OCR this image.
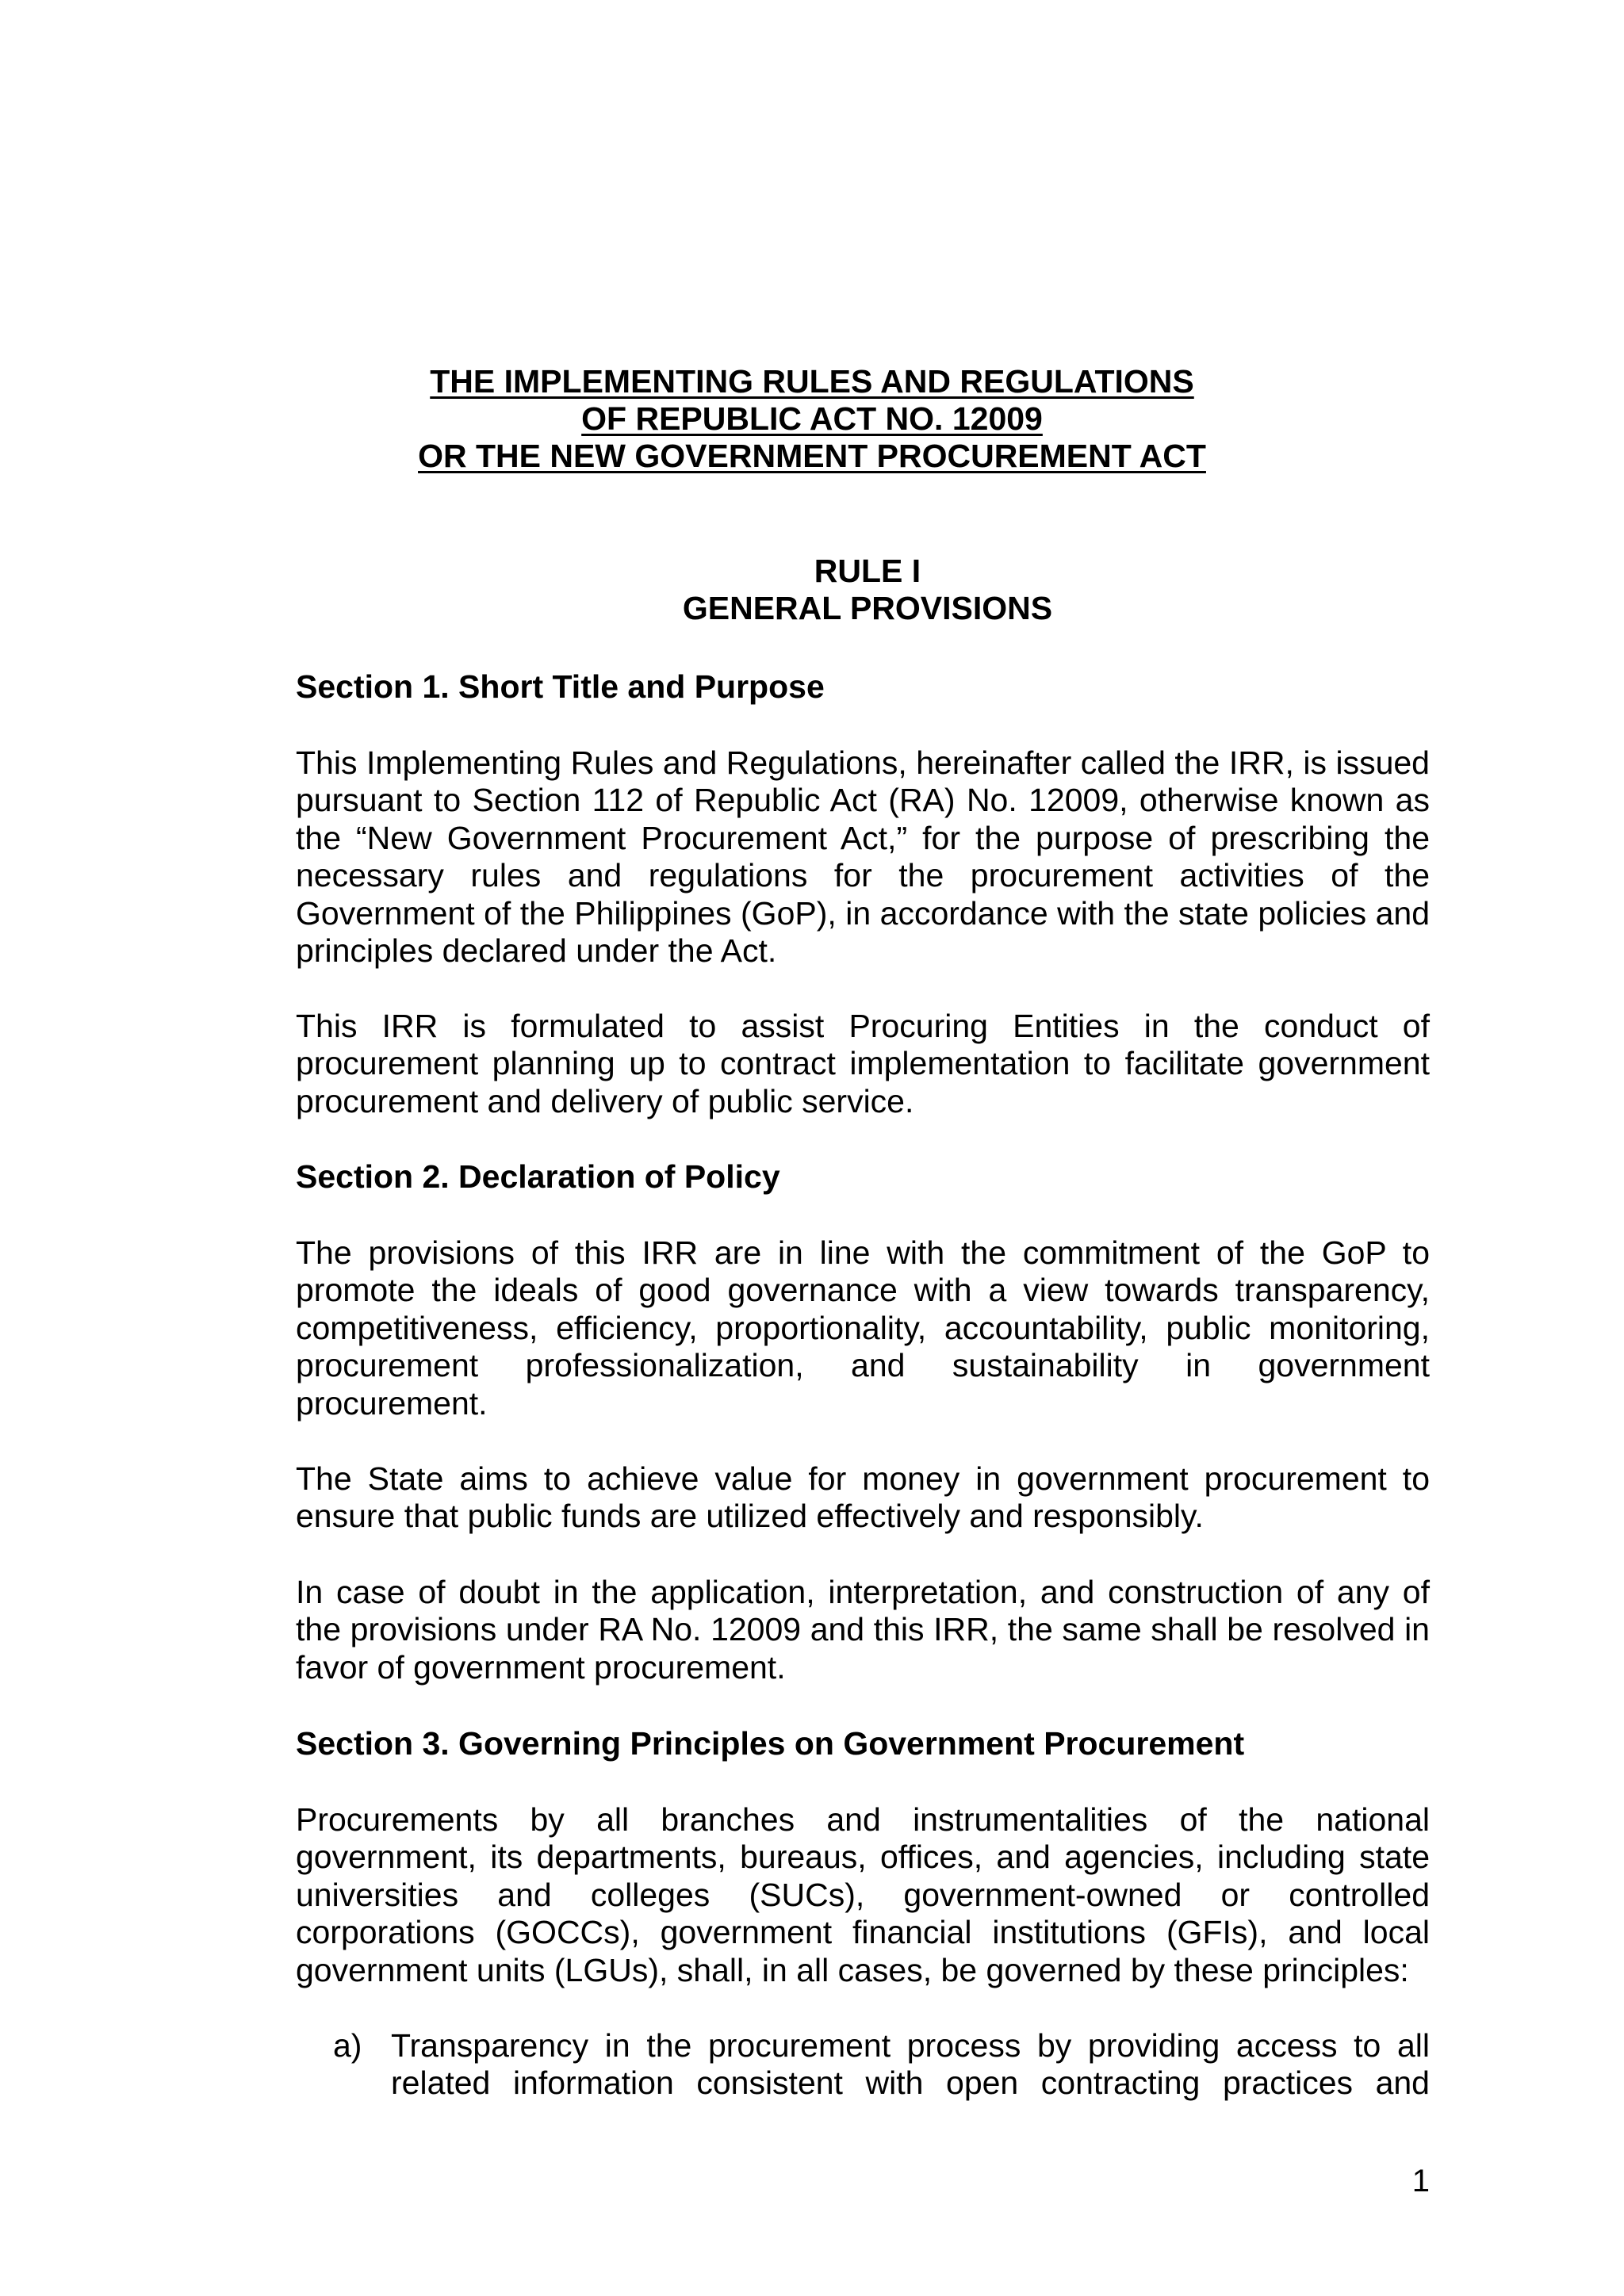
THE IMPLEMENTING RULES AND REGULATIONS
OF REPUBLIC ACT NO. 12009
OR THE NEW GOVERNMENT PROCUREMENT ACT
RULE I
GENERAL PROVISIONS
Section 1. Short Title and Purpose

This Implementing Rules and Regulations, hereinafter called the IRR, is issued pursuant to Section 112 of Republic Act (RA) No. 12009, otherwise known as the “New Government Procurement Act,” for the purpose of prescribing the necessary rules and regulations for the procurement activities of the Government of the Philippines (GoP), in accordance with the state policies and principles declared under the Act.

This IRR is formulated to assist Procuring Entities in the conduct of procurement planning up to contract implementation to facilitate government procurement and delivery of public service.

Section 2. Declaration of Policy

The provisions of this IRR are in line with the commitment of the GoP to promote the ideals of good governance with a view towards transparency, competitiveness, efficiency, proportionality, accountability, public monitoring, procurement professionalization, and sustainability in government procurement.

The State aims to achieve value for money in government procurement to ensure that public funds are utilized effectively and responsibly.

In case of doubt in the application, interpretation, and construction of any of the provisions under RA No. 12009 and this IRR, the same shall be resolved in favor of government procurement.

Section 3. Governing Principles on Government Procurement

Procurements by all branches and instrumentalities of the national government, its departments, bureaus, offices, and agencies, including state universities and colleges (SUCs), government-owned or controlled corporations (GOCCs), government financial institutions (GFIs), and local government units (LGUs), shall, in all cases, be governed by these principles:

a) Transparency in the procurement process by providing access to all related information consistent with open contracting practices and
1
